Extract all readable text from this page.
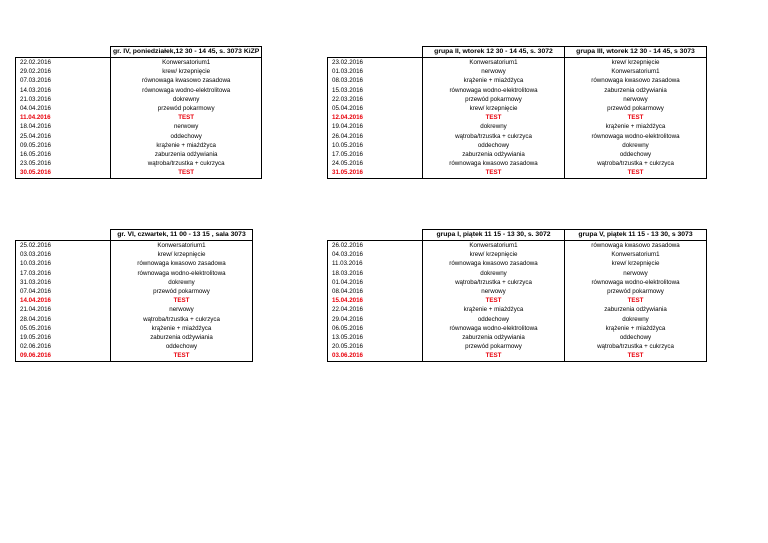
	gr. IV, poniedziałek,12 30 - 14 45, s. 3073 KiZP
22.02.2016	Konwersatorium1
29.02.2016	krew/ krzepnięcie
07.03.2016	równowaga kwasowo zasadowa
14.03.2016	równowaga wodno-elektrolitowa
21.03.2016	dokrewny
04.04.2016	przewód pokarmowy
11.04.2016	TEST
18.04.2016	nerwowy
25.04.2016	oddechowy
09.05.2016	krążenie + miażdżyca
16.05.2016	zaburzenia odżywiania
23.05.2016	wątroba/trzustka + cukrzyca
30.05.2016	TEST
	grupa II, wtorek 12 30 - 14 45, s. 3072	grupa III, wtorek 12 30 - 14 45, s 3073
23.02.2016	Konwersatorium1	krew/ krzepnięcie
01.03.2016	nerwowy	Konwersatorium1
08.03.2016	krążenie + miażdżyca	równowaga kwasowo zasadowa
15.03.2016	równowaga wodno-elektrolitowa	zaburzenia odżywiania
22.03.2016	przewód pokarmowy	nerwowy
05.04.2016	krew/ krzepnięcie	przewód pokarmowy
12.04.2016	TEST	TEST
19.04.2016	dokrewny	krążenie + miażdżyca
26.04.2016	wątroba/trzustka + cukrzyca	równowaga wodno-elektrolitowa
10.05.2016	oddechowy	dokrewny
17.05.2016	zaburzenia odżywiania	oddechowy
24.05.2016	równowaga kwasowo zasadowa	wątroba/trzustka + cukrzyca
31.05.2016	TEST	TEST
	gr. VI, czwartek, 11 00 - 13 15 , sala 3073
25.02.2016	Konwersatorium1
03.03.2016	krew/ krzepnięcie
10.03.2016	równowaga kwasowo zasadowa
17.03.2016	równowaga wodno-elektrolitowa
31.03.2016	dokrewny
07.04.2016	przewód pokarmowy
14.04.2016	TEST
21.04.2016	nerwowy
28.04.2016	wątroba/trzustka + cukrzyca
05.05.2016	krążenie + miażdżyca
19.05.2016	zaburzenia odżywiania
02.06.2016	oddechowy
09.06.2016	TEST
	grupa I, piątek 11 15 - 13 30, s. 3072	grupa V, piątek 11 15 - 13 30, s 3073
26.02.2016	Konwersatorium1	równowaga kwasowo zasadowa
04.03.2016	krew/ krzepnięcie	Konwersatorium1
11.03.2016	równowaga kwasowo zasadowa	krew/ krzepnięcie
18.03.2016	dokrewny	nerwowy
01.04.2016	wątroba/trzustka + cukrzyca	równowaga wodno-elektrolitowa
08.04.2016	nerwowy	przewód pokarmowy
15.04.2016	TEST	TEST
22.04.2016	krążenie + miażdżyca	zaburzenia odżywiania
29.04.2016	oddechowy	dokrewny
06.05.2016	równowaga wodno-elektrolitowa	krążenie + miażdżyca
13.05.2016	zaburzenia odżywiania	oddechowy
20.05.2016	przewód pokarmowy	wątroba/trzustka + cukrzyca
03.06.2016	TEST	TEST
